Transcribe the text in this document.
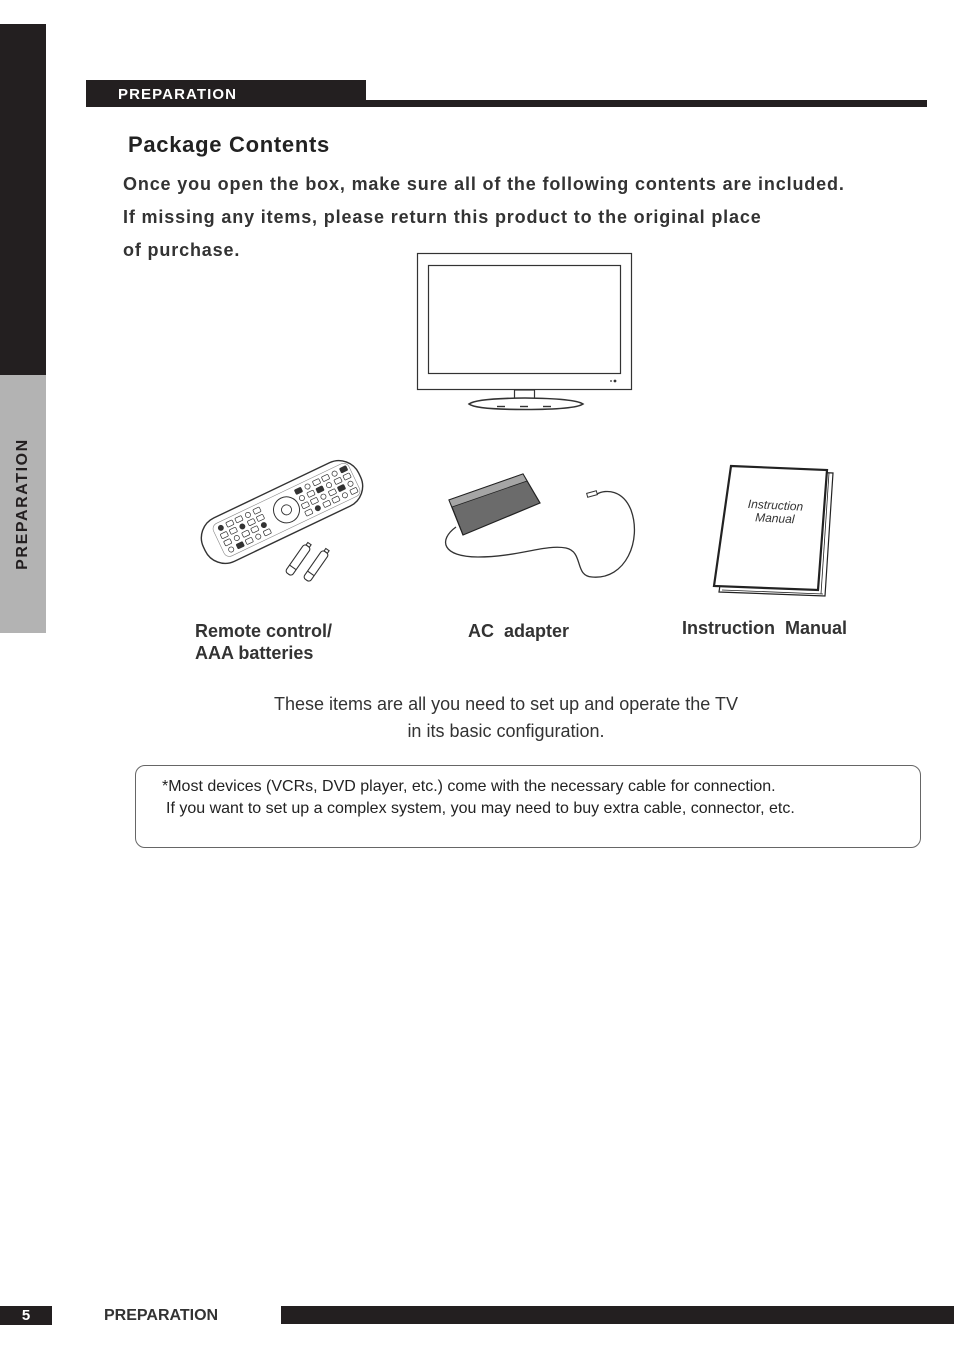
PREPARATION
PREPARATION
Package Contents
Once you open the box, make sure all of the following contents are included.
If missing any items, please return this product to the original place
of purchase.
Instruction
Manual
Remote control/
AAA batteries
AC  adapter	Instruction  Manual
These items are all you need to set up and operate the TV
in its basic configuration.
*Most devices (VCRs, DVD player, etc.) come with the necessary cable for connection.
If you want to set up a complex system, you may need to buy extra cable, connector, etc.
5	PREPARATION
